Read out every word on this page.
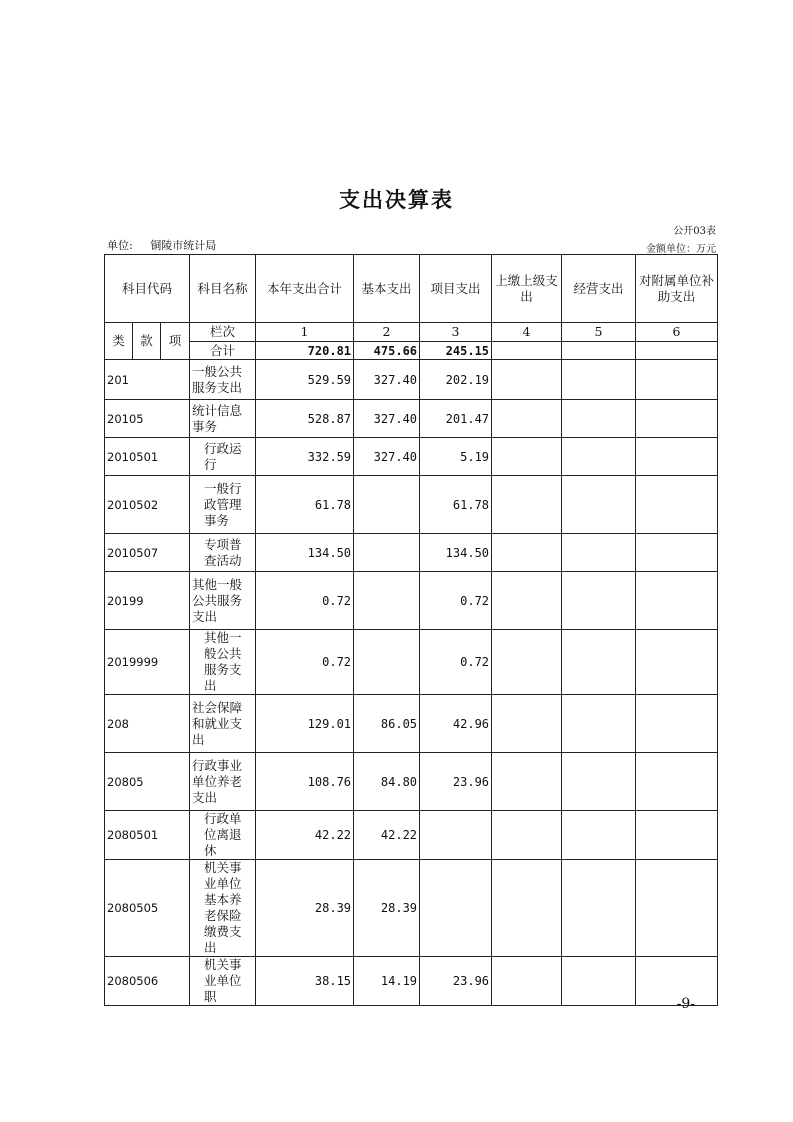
支出决算表
公开03表
单位: 铜陵市统计局	金额单位：万元
科目代码			科目名称	本年支出合计	基本支出	项目支出	上缴上级支出	经营支出	对附属单位补助支出
类	款	项	栏次	1	2	3	4	5	6
			合计	720.81	475.66	245.15			
201			一般公共服务支出	529.59	327.40	202.19			
20105			统计信息事务	528.87	327.40	201.47			
2010501			行政运行	332.59	327.40	5.19			
2010502			一般行政管理事务	61.78		61.78			
2010507			专项普查活动	134.50		134.50			
20199			其他一般公共服务支出	0.72		0.72			
2019999			其他一般公共服务支出	0.72		0.72			
208			社会保障和就业支出	129.01	86.05	42.96			
20805			行政事业单位养老支出	108.76	84.80	23.96			
2080501			行政单位离退休	42.22	42.22				
2080505			机关事业单位基本养老保险缴费支出	28.39	28.39				
2080506			机关事业单位职	38.15	14.19	23.96			
-9-
